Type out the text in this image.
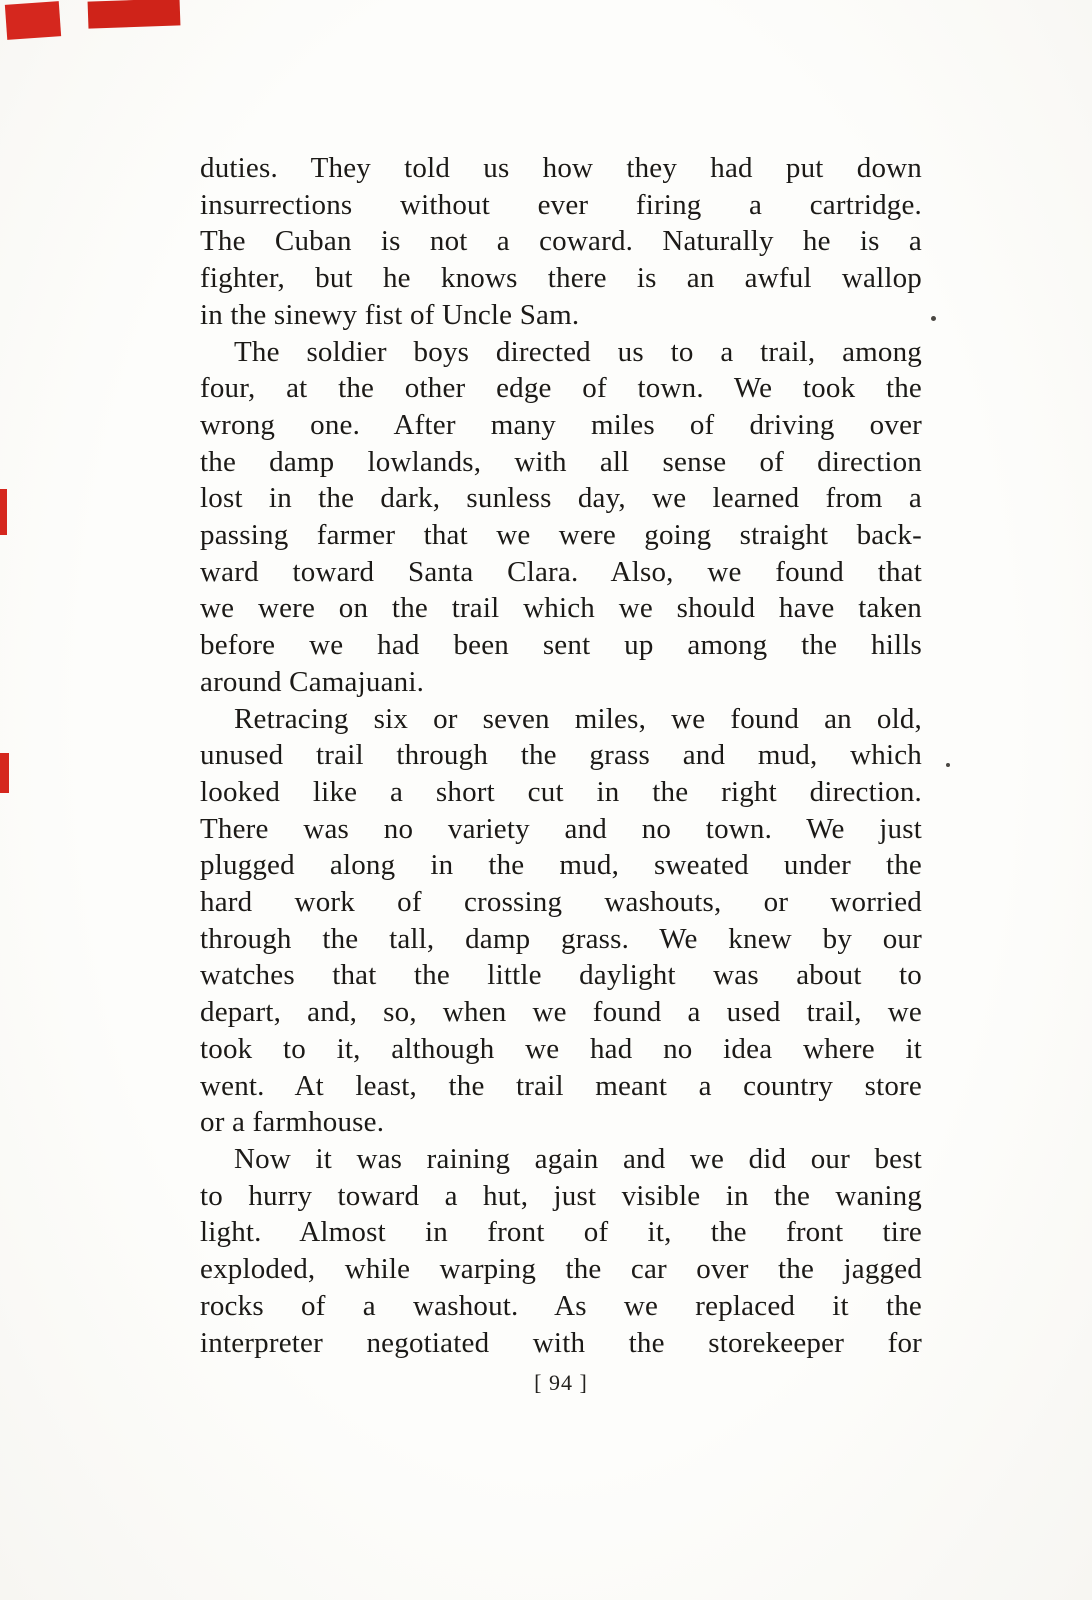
duties. They told us how they had put down
insurrections without ever firing a cartridge.
The Cuban is not a coward. Naturally he is a
fighter, but he knows there is an awful wallop
in the sinewy fist of Uncle Sam.
The soldier boys directed us to a trail, among
four, at the other edge of town. We took the
wrong one. After many miles of driving over
the damp lowlands, with all sense of direction
lost in the dark, sunless day, we learned from a
passing farmer that we were going straight back-
ward toward Santa Clara. Also, we found that
we were on the trail which we should have taken
before we had been sent up among the hills
around Camajuani.
Retracing six or seven miles, we found an old,
unused trail through the grass and mud, which
looked like a short cut in the right direction.
There was no variety and no town. We just
plugged along in the mud, sweated under the
hard work of crossing washouts, or worried
through the tall, damp grass. We knew by our
watches that the little daylight was about to
depart, and, so, when we found a used trail, we
took to it, although we had no idea where it
went. At least, the trail meant a country store
or a farmhouse.
Now it was raining again and we did our best
to hurry toward a hut, just visible in the waning
light. Almost in front of it, the front tire
exploded, while warping the car over the jagged
rocks of a washout. As we replaced it the
interpreter negotiated with the storekeeper for
[ 94 ]
